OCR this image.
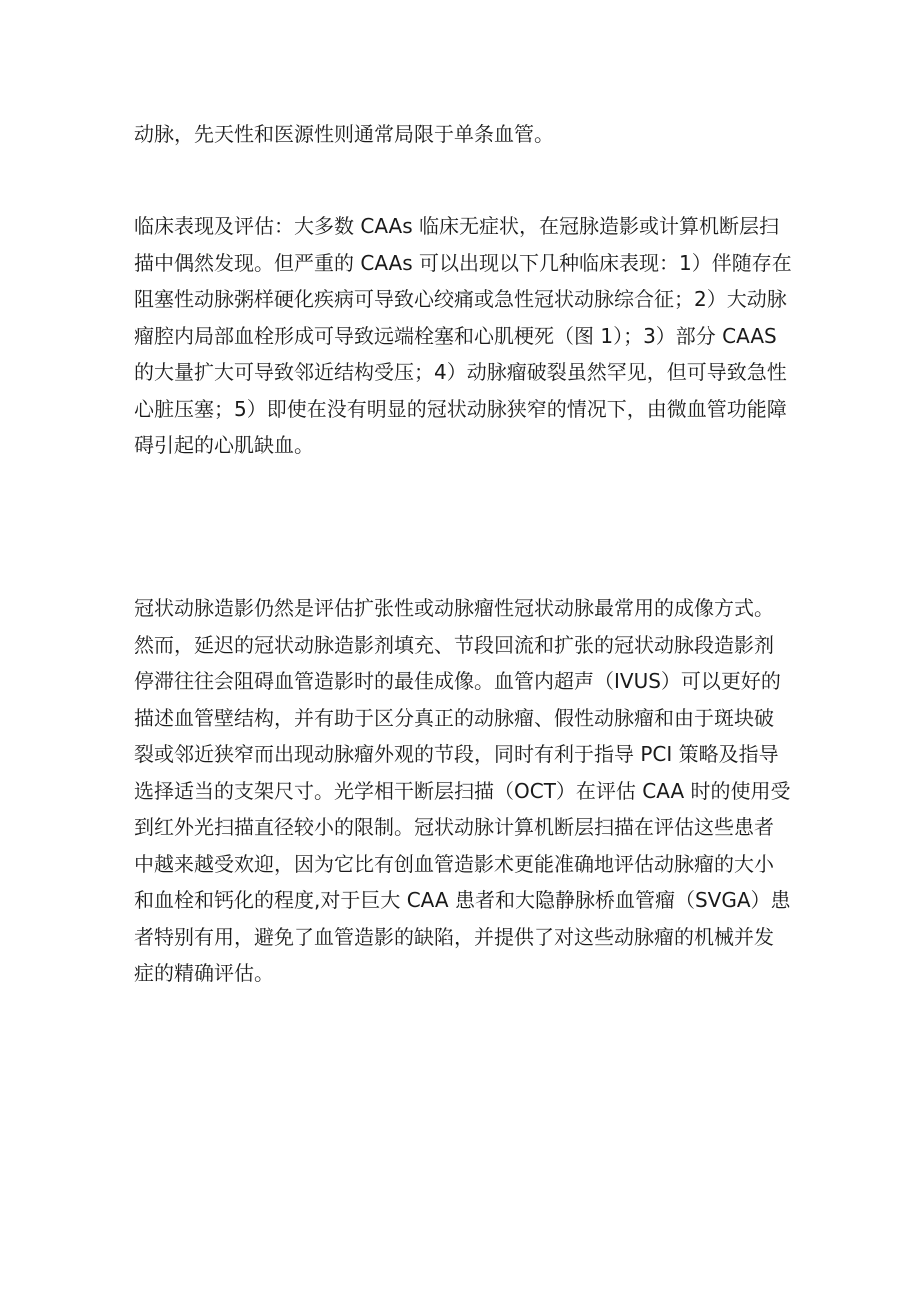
动脉，先天性和医源性则通常局限于单条血管。

临床表现及评估：大多数 CAAs 临床无症状，在冠脉造影或计算机断层扫
描中偶然发现。但严重的 CAAs 可以出现以下几种临床表现：1）伴随存在
阻塞性动脉粥样硬化疾病可导致心绞痛或急性冠状动脉综合征；2）大动脉
瘤腔内局部血栓形成可导致远端栓塞和心肌梗死（图 1）；3）部分 CAAS
的大量扩大可导致邻近结构受压；4）动脉瘤破裂虽然罕见，但可导致急性
心脏压塞；5）即使在没有明显的冠状动脉狭窄的情况下，由微血管功能障
碍引起的心肌缺血。

冠状动脉造影仍然是评估扩张性或动脉瘤性冠状动脉最常用的成像方式。
然而，延迟的冠状动脉造影剂填充、节段回流和扩张的冠状动脉段造影剂
停滞往往会阻碍血管造影时的最佳成像。血管内超声（IVUS）可以更好的
描述血管壁结构，并有助于区分真正的动脉瘤、假性动脉瘤和由于斑块破
裂或邻近狭窄而出现动脉瘤外观的节段，同时有利于指导 PCI 策略及指导
选择适当的支架尺寸。光学相干断层扫描（OCT）在评估 CAA 时的使用受
到红外光扫描直径较小的限制。冠状动脉计算机断层扫描在评估这些患者
中越来越受欢迎，因为它比有创血管造影术更能准确地评估动脉瘤的大小
和血栓和钙化的程度,对于巨大 CAA 患者和大隐静脉桥血管瘤（SVGA）患
者特别有用，避免了血管造影的缺陷，并提供了对这些动脉瘤的机械并发
症的精确评估。
